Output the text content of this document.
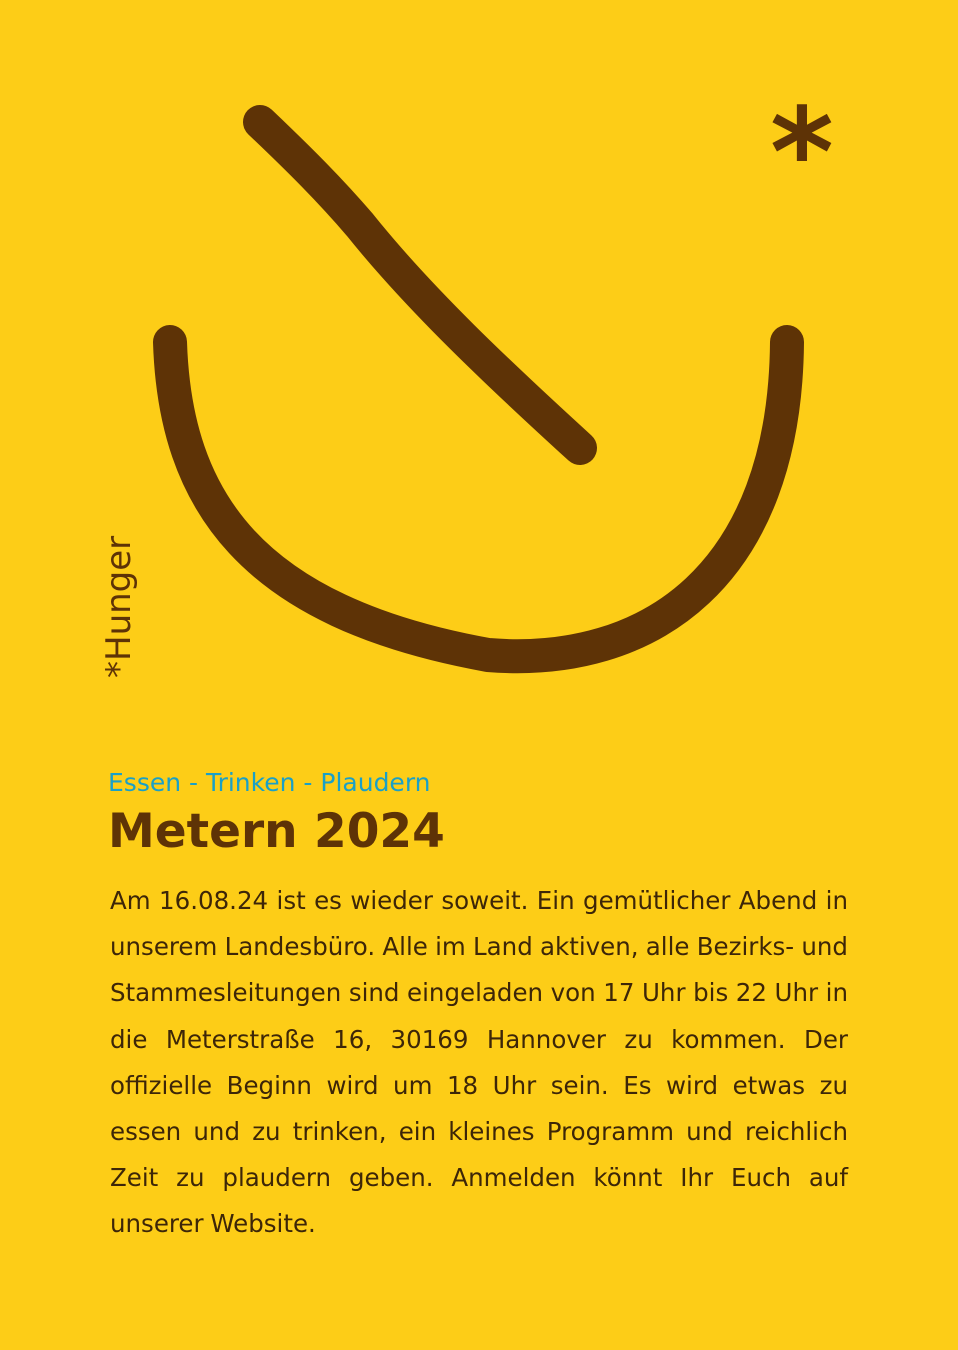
*
*Hunger
Essen - Trinken - Plaudern
Metern 2024

Am 16.08.24 ist es wieder soweit. Ein gemütlicher Abend in unserem Landesbüro. Alle im Land aktiven, alle Bezirks- und Stammesleitungen sind eingeladen von 17 Uhr bis 22 Uhr in die Meterstraße 16, 30169 Hannover zu kommen. Der offizielle Beginn wird um 18 Uhr sein. Es wird etwas zu essen und zu trinken, ein kleines Programm und reichlich Zeit zu plaudern geben. Anmelden könnt Ihr Euch auf unserer Website.
